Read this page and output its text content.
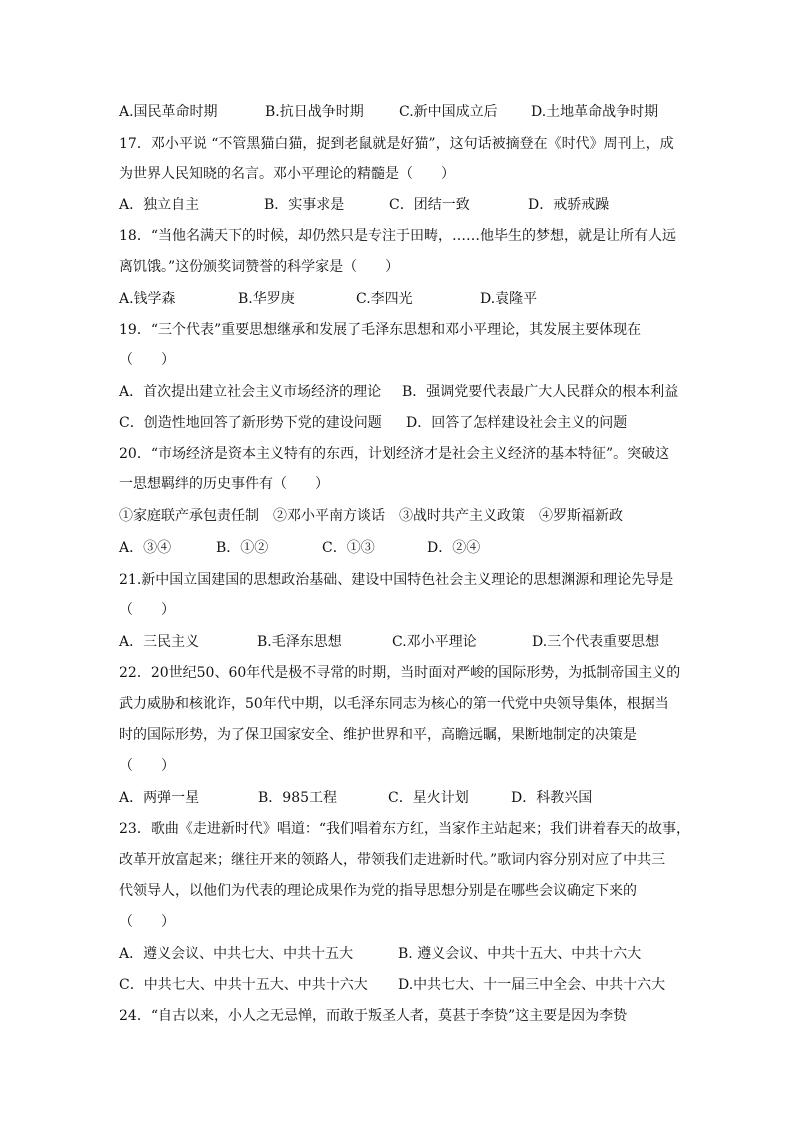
A.国民革命时期	B.抗日战争时期	C.新中国成立后 D.土地革命战争时期
17．邓小平说 “不管黑猫白猫，捉到老鼠就是好猫”，这句话被摘登在《时代》周刊上，成
为世界人民知晓的名言。邓小平理论的精髓是（　　）
A．独立自主	B．实事求是	C．团结一致	D．戒骄戒躁
18．“当他名满天下的时候，却仍然只是专注于田畴，……他毕生的梦想，就是让所有人远
离饥饿。”这份颁奖词赞誉的科学家是（　　）
A.钱学森	B.华罗庚	C.李四光	D.袁隆平
19．“三个代表”重要思想继承和发展了毛泽东思想和邓小平理论，其发展主要体现在
（　　）
A．首次提出建立社会主义市场经济的理论 B．强调党要代表最广大人民群众的根本利益
C．创造性地回答了新形势下党的建设问题 D．回答了怎样建设社会主义的问题
20．“市场经济是资本主义特有的东西，计划经济才是社会主义经济的基本特征”。突破这
一思想羁绊的历史事件有（　　）
①家庭联产承包责任制　②邓小平南方谈话　③战时共产主义政策　④罗斯福新政
A．③④	B．①②	C．①③	D．②④
21.新中国立国建国的思想政治基础、建设中国特色社会主义理论的思想渊源和理论先导是
（　　）
A．三民主义	B.毛泽东思想	C.邓小平理论	D.三个代表重要思想
22．20世纪50、60年代是极不寻常的时期，当时面对严峻的国际形势，为抵制帝国主义的
武力威胁和核讹诈，50年代中期，以毛泽东同志为核心的第一代党中央领导集体，根据当
时的国际形势，为了保卫国家安全、维护世界和平，高瞻远瞩，果断地制定的决策是
（　　）
A．两弹一星	B．985工程	C．星火计划	D．科教兴国
23．歌曲《走进新时代》唱道：“我们唱着东方红，当家作主站起来；我们讲着春天的故事，
改革开放富起来；继往开来的领路人，带领我们走进新时代。”歌词内容分别对应了中共三
代领导人，以他们为代表的理论成果作为党的指导思想分别是在哪些会议确定下来的
（　　）
A．遵义会议、中共七大、中共十五大	B. 遵义会议、中共十五大、中共十六大
C．中共七大、中共十五大、中共十六大 D.中共七大、十一届三中全会、中共十六大
24．“自古以来，小人之无忌惮，而敢于叛圣人者，莫甚于李贽”这主要是因为李贽
